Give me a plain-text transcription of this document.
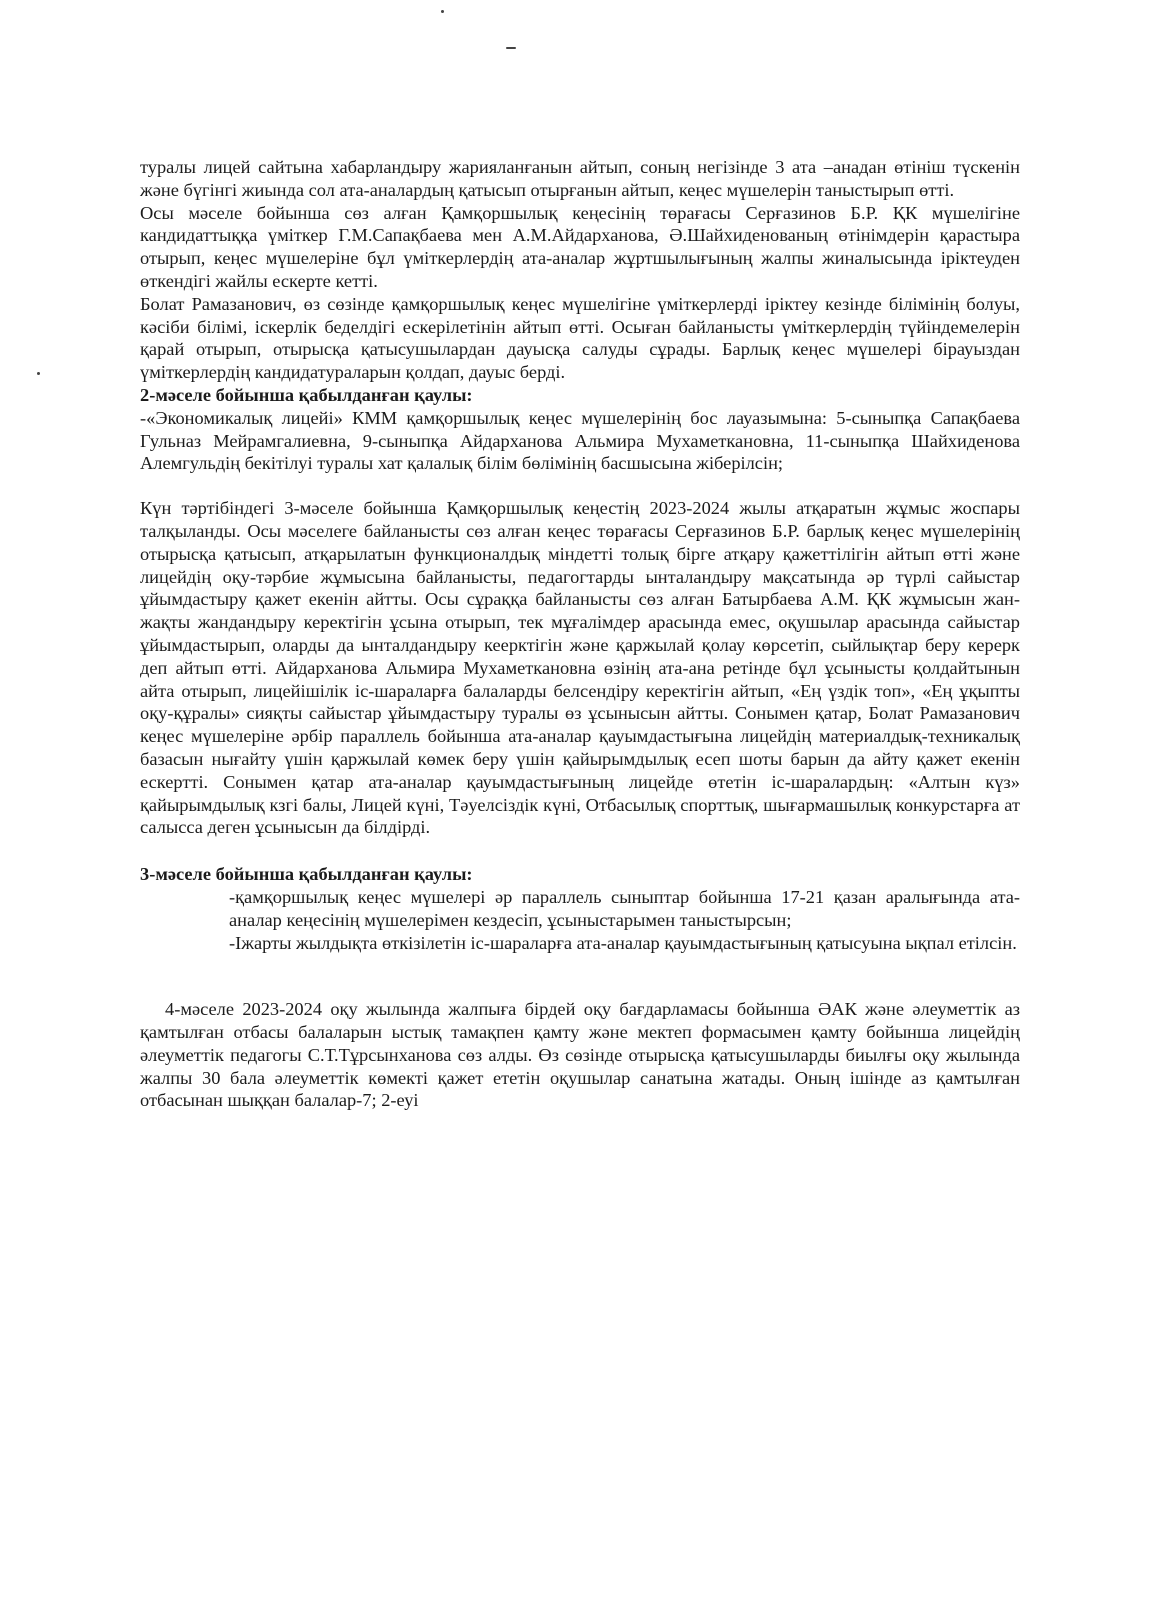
туралы лицей сайтына хабарландыру жарияланғанын айтып, соның негізінде 3 ата –анадан өтініш түскенін және бүгінгі жиында сол ата-аналардың қатысып отырғанын айтып, кеңес мүшелерін таныстырып өтті.

Осы мәселе бойынша сөз алған Қамқоршылық кеңесінің төрағасы Серғазинов Б.Р. ҚК мүшелігіне кандидаттыққа үміткер Г.М.Сапақбаева мен А.М.Айдарханова, Ә.Шайхиденованың өтінімдерін қарастыра отырып, кеңес мүшелеріне бұл үміткерлердің ата-аналар жұртшылығының жалпы жиналысында іріктеуден өткендігі жайлы ескерте кетті.

Болат Рамазанович, өз сөзінде қамқоршылық кеңес мүшелігіне үміткерлерді іріктеу кезінде білімінің болуы, кәсіби білімі, іскерлік беделдігі ескерілетінін айтып өтті. Осыған байланысты үміткерлердің түйіндемелерін қарай отырып, отырысқа қатысушылардан дауысқа салуды сұрады. Барлық кеңес мүшелері бірауыздан үміткерлердің кандидатураларын қолдап, дауыс берді.

2-мәселе бойынша қабылданған қаулы:

-«Экономикалық лицейі» КММ қамқоршылық кеңес мүшелерінің бос лауазымына: 5-сыныпқа Сапақбаева Гульназ Мейрамгалиевна, 9-сыныпқа Айдарханова Альмира Мухаметкановна, 11-сыныпқа Шайхиденова Алемгульдің бекітілуі туралы хат қалалық білім бөлімінің басшысына жіберілсін;

Күн тәртібіндегі 3-мәселе бойынша Қамқоршылық кеңестің 2023-2024 жылы атқаратын жұмыс жоспары талқыланды. Осы мәселеге байланысты сөз алған кеңес төрағасы Серғазинов Б.Р. барлық кеңес мүшелерінің отырысқа қатысып, атқарылатын функционалдық міндетті толық бірге атқару қажеттілігін айтып өтті және лицейдің оқу-тәрбие жұмысына байланысты, педагогтарды ынталандыру мақсатында әр түрлі сайыстар ұйымдастыру қажет екенін айтты. Осы сұраққа байланысты сөз алған Батырбаева А.М. ҚК жұмысын жан-жақты жандандыру керектігін ұсына отырып, тек мұғалімдер арасында емес, оқушылар арасында сайыстар ұйымдастырып, оларды да ынталдандыру кеерктігін және қаржылай қолау көрсетіп, сыйлықтар беру керерк деп айтып өтті. Айдарханова Альмира Мухаметкановна өзінің ата-ана ретінде бұл ұсынысты қолдайтынын айта отырып, лицейішілік іс-шараларға балаларды белсендіру керектігін айтып, «Ең үздік топ», «Ең ұқыпты оқу-құралы» сияқты сайыстар ұйымдастыру туралы өз ұсынысын айтты. Сонымен қатар, Болат Рамазанович кеңес мүшелеріне әрбір параллель бойынша ата-аналар қауымдастығына лицейдің материалдық-техникалық базасын нығайту үшін қаржылай көмек беру үшін қайырымдылық есеп шоты барын да айту қажет екенін ескертті. Сонымен қатар ата-аналар қауымдастығының лицейде өтетін іс-шаралардың: «Алтын күз» қайырымдылық кзгі балы, Лицей күні, Тәуелсіздік күні, Отбасылық спорттық, шығармашылық конкурстарға ат салысса деген ұсынысын да білдірді.

3-мәселе бойынша қабылданған қаулы:

-қамқоршылық кеңес мүшелері әр параллель сыныптар бойынша 17-21 қазан аралығында ата-аналар кеңесінің мүшелерімен кездесіп, ұсыныстарымен таныстырсын;

-Іжарты жылдықта өткізілетін іс-шараларға ата-аналар қауымдастығының қатысуына ықпал етілсін.

4-мәселе 2023-2024 оқу жылында жалпыға бірдей оқу бағдарламасы бойынша ӘАК және әлеуметтік аз қамтылған отбасы балаларын ыстық тамақпен қамту және мектеп формасымен қамту бойынша лицейдің әлеуметтік педагогы С.Т.Тұрсынханова сөз алды. Өз сөзінде отырысқа қатысушыларды биылғы оқу жылында жалпы 30 бала әлеуметтік көмекті қажет ететін оқушылар санатына жатады. Оның ішінде аз қамтылған отбасынан шыққан балалар-7; 2-еуі
